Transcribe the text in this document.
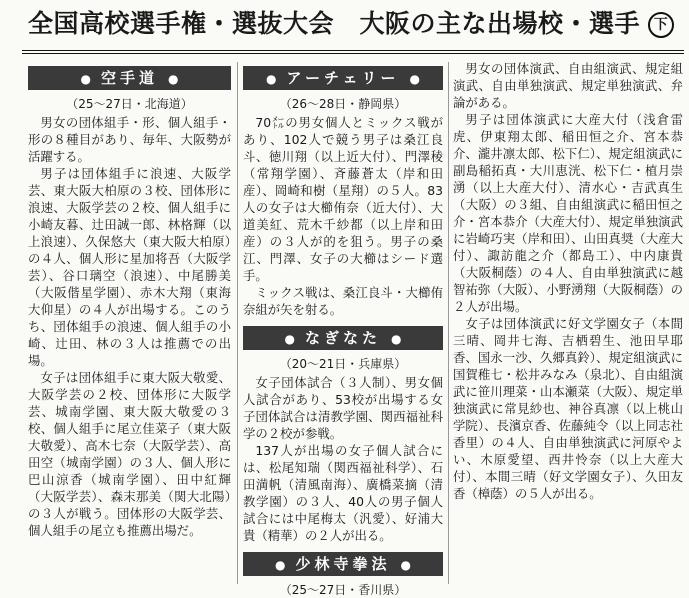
全国高校選手権・選抜大会　大阪の主な出場校・選手 下
● 空手道 ●
（25～27日・北海道）

男女の団体組手・形、個人組手・形の８種目があり、毎年、大阪勢が活躍する。

男子は団体組手に浪速、大阪学芸、東大阪大柏原の３校、団体形に浪速、大阪学芸の２校、個人組手に小崎友暮、辻田誠一郎、林格輝（以上浪速）、久保悠大（東大阪大柏原）の４人、個人形に星加将吾（大阪学芸）、谷口璃空（浪速）、中尾勝美（大阪偕星学園）、赤木大翔（東海大仰星）の４人が出場する。このうち、団体組手の浪速、個人組手の小崎、辻田、林の３人は推薦での出場。

女子は団体組手に東大阪大敬愛、大阪学芸の２校、団体形に大阪学芸、城南学園、東大阪大敬愛の３校、個人組手に尾立佳菜子（東大阪大敬愛）、高木七奈（大阪学芸）、高田空（城南学園）の３人、個人形に巴山涼香（城南学園）、田中紅輝（大阪学芸）、森末那美（関大北陽）の３人が戦う。団体形の大阪学芸、個人組手の尾立も推薦出場だ。

● アーチェリー ●
（26～28日・静岡県）

70㍍の男女個人とミックス戦があり、102人で競う男子は桑江良斗、徳川翔（以上近大付）、門澤稜（常翔学園）、斉藤蒼太（岸和田産）、岡崎和樹（星翔）の５人。83人の女子は大櫛侑奈（近大付）、大道美紅、荒木千紗都（以上岸和田産）の３人が的を狙う。男子の桑江、門澤、女子の大櫛はシード選手。

ミックス戦は、桑江良斗・大櫛侑奈組が矢を射る。

● なぎなた ●
（20～21日・兵庫県）

女子団体試合（３人制）、男女個人試合があり、53校が出場する女子団体試合は清教学園、関西福祉科学の２校が参戦。

137人が出場の女子個人試合には、松尾知瑞（関西福祉科学）、石田満帆（清風南海）、廣橋菜摘（清教学園）の３人、40人の男子個人試合には中尾梅太（汎愛）、好浦大貴（精華）の２人が出る。

● 少林寺拳法 ●
（25～27日・香川県）

男女の団体演武、自由組演武、規定組演武、自由単独演武、規定単独演武、弁論がある。

男子は団体演武に大産大付（浅倉雷虎、伊東翔太郎、稲田恒之介、宮本恭介、瀧井凛太郎、松下仁）、規定組演武に副島稲拓真・大川恵洸、松下仁・植月崇湧（以上大産大付）、清水心・吉武真生（大阪）の３組、自由組演武に稲田恒之介・宮本恭介（大産大付）、規定単独演武に岩崎巧実（岸和田）、山田真奨（大産大付）、諏訪龍之介（都島工）、中内康貴（大阪桐蔭）の４人、自由単独演武に越智祐弥（大阪）、小野湧翔（大阪桐蔭）の２人が出場。

女子は団体演武に好文学園女子（本間三晴、岡井七海、吉栖碧生、池田早耶香、国永一沙、久郷真鈴）、規定組演武に国賀稚七・松井みなみ（泉北）、自由組演武に笹川理菜・山本瀬菜（大阪）、規定単独演武に常見紗也、神谷真凛（以上桃山学院）、長濱京香、佐藤純令（以上同志社香里）の４人、自由単独演武に河原やよい、木原愛望、西井怜奈（以上大産大付）、本間三晴（好文学園女子）、久田友香（樟蔭）の５人が出る。
